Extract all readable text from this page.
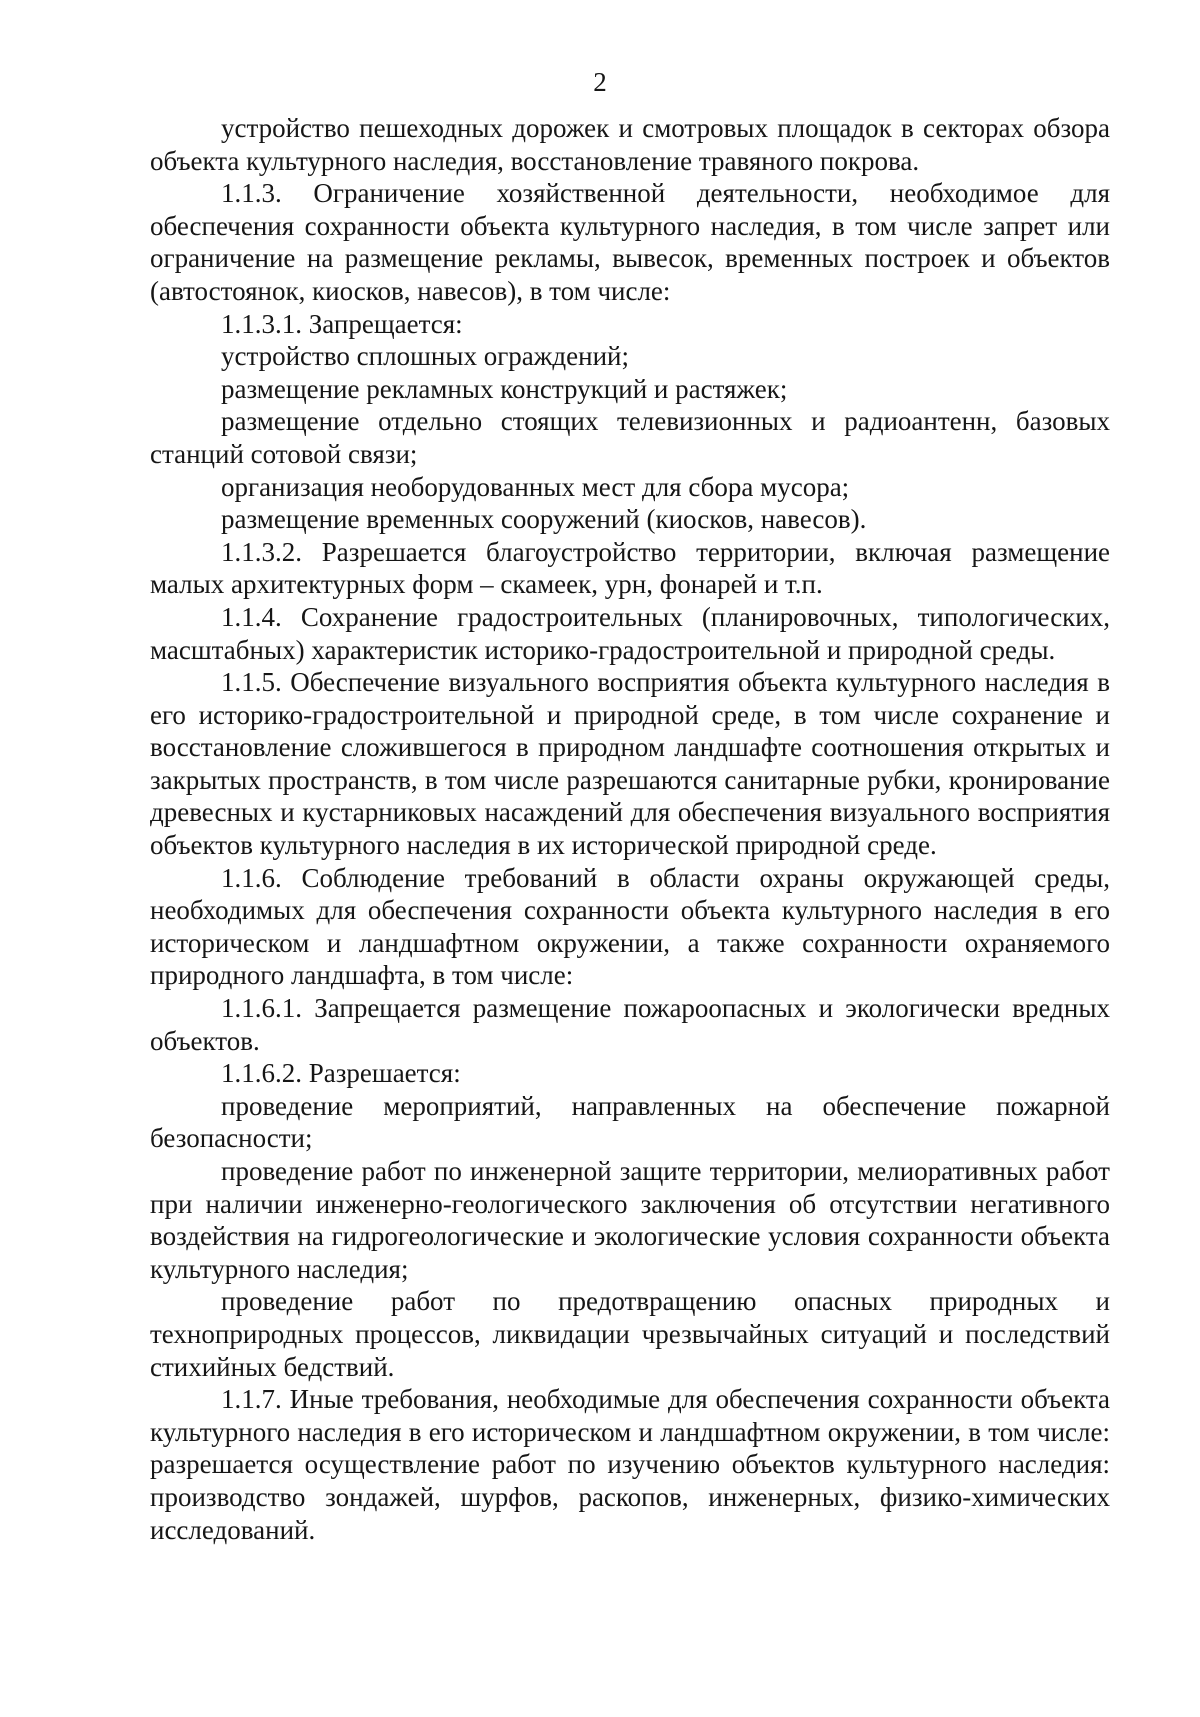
2

устройство пешеходных дорожек и смотровых площадок в секторах обзора объекта культурного наследия, восстановление травяного покрова.

1.1.3. Ограничение хозяйственной деятельности, необходимое для обеспечения сохранности объекта культурного наследия, в том числе запрет или ограничение на размещение рекламы, вывесок, временных построек и объектов (автостоянок, киосков, навесов), в том числе:

1.1.3.1. Запрещается:

устройство сплошных ограждений;

размещение рекламных конструкций и растяжек;

размещение отдельно стоящих телевизионных и радиоантенн, базовых станций сотовой связи;

организация необорудованных мест для сбора мусора;

размещение временных сооружений (киосков, навесов).

1.1.3.2. Разрешается благоустройство территории, включая размещение малых архитектурных форм – скамеек, урн, фонарей и т.п.

1.1.4. Сохранение градостроительных (планировочных, типологических, масштабных) характеристик историко-градостроительной и природной среды.

1.1.5. Обеспечение визуального восприятия объекта культурного наследия в его историко-градостроительной и природной среде, в том числе сохранение и восстановление сложившегося в природном ландшафте соотношения открытых и закрытых пространств, в том числе разрешаются санитарные рубки, кронирование древесных и кустарниковых насаждений для обеспечения визуального восприятия объектов культурного наследия в их исторической природной среде.

1.1.6. Соблюдение требований в области охраны окружающей среды, необходимых для обеспечения сохранности объекта культурного наследия в его историческом и ландшафтном окружении, а также сохранности охраняемого природного ландшафта, в том числе:

1.1.6.1. Запрещается размещение пожароопасных и экологически вредных объектов.

1.1.6.2. Разрешается:

проведение мероприятий, направленных на обеспечение пожарной безопасности;

проведение работ по инженерной защите территории, мелиоративных работ при наличии инженерно-геологического заключения об отсутствии негативного воздействия на гидрогеологические и экологические условия сохранности объекта культурного наследия;

проведение работ по предотвращению опасных природных и технoприродных процессов, ликвидации чрезвычайных ситуаций и последствий стихийных бедствий.

1.1.7. Иные требования, необходимые для обеспечения сохранности объекта культурного наследия в его историческом и ландшафтном окружении, в том числе: разрешается осуществление работ по изучению объектов культурного наследия: производство зондажей, шурфов, раскопов, инженерных, физико-химических исследований.
